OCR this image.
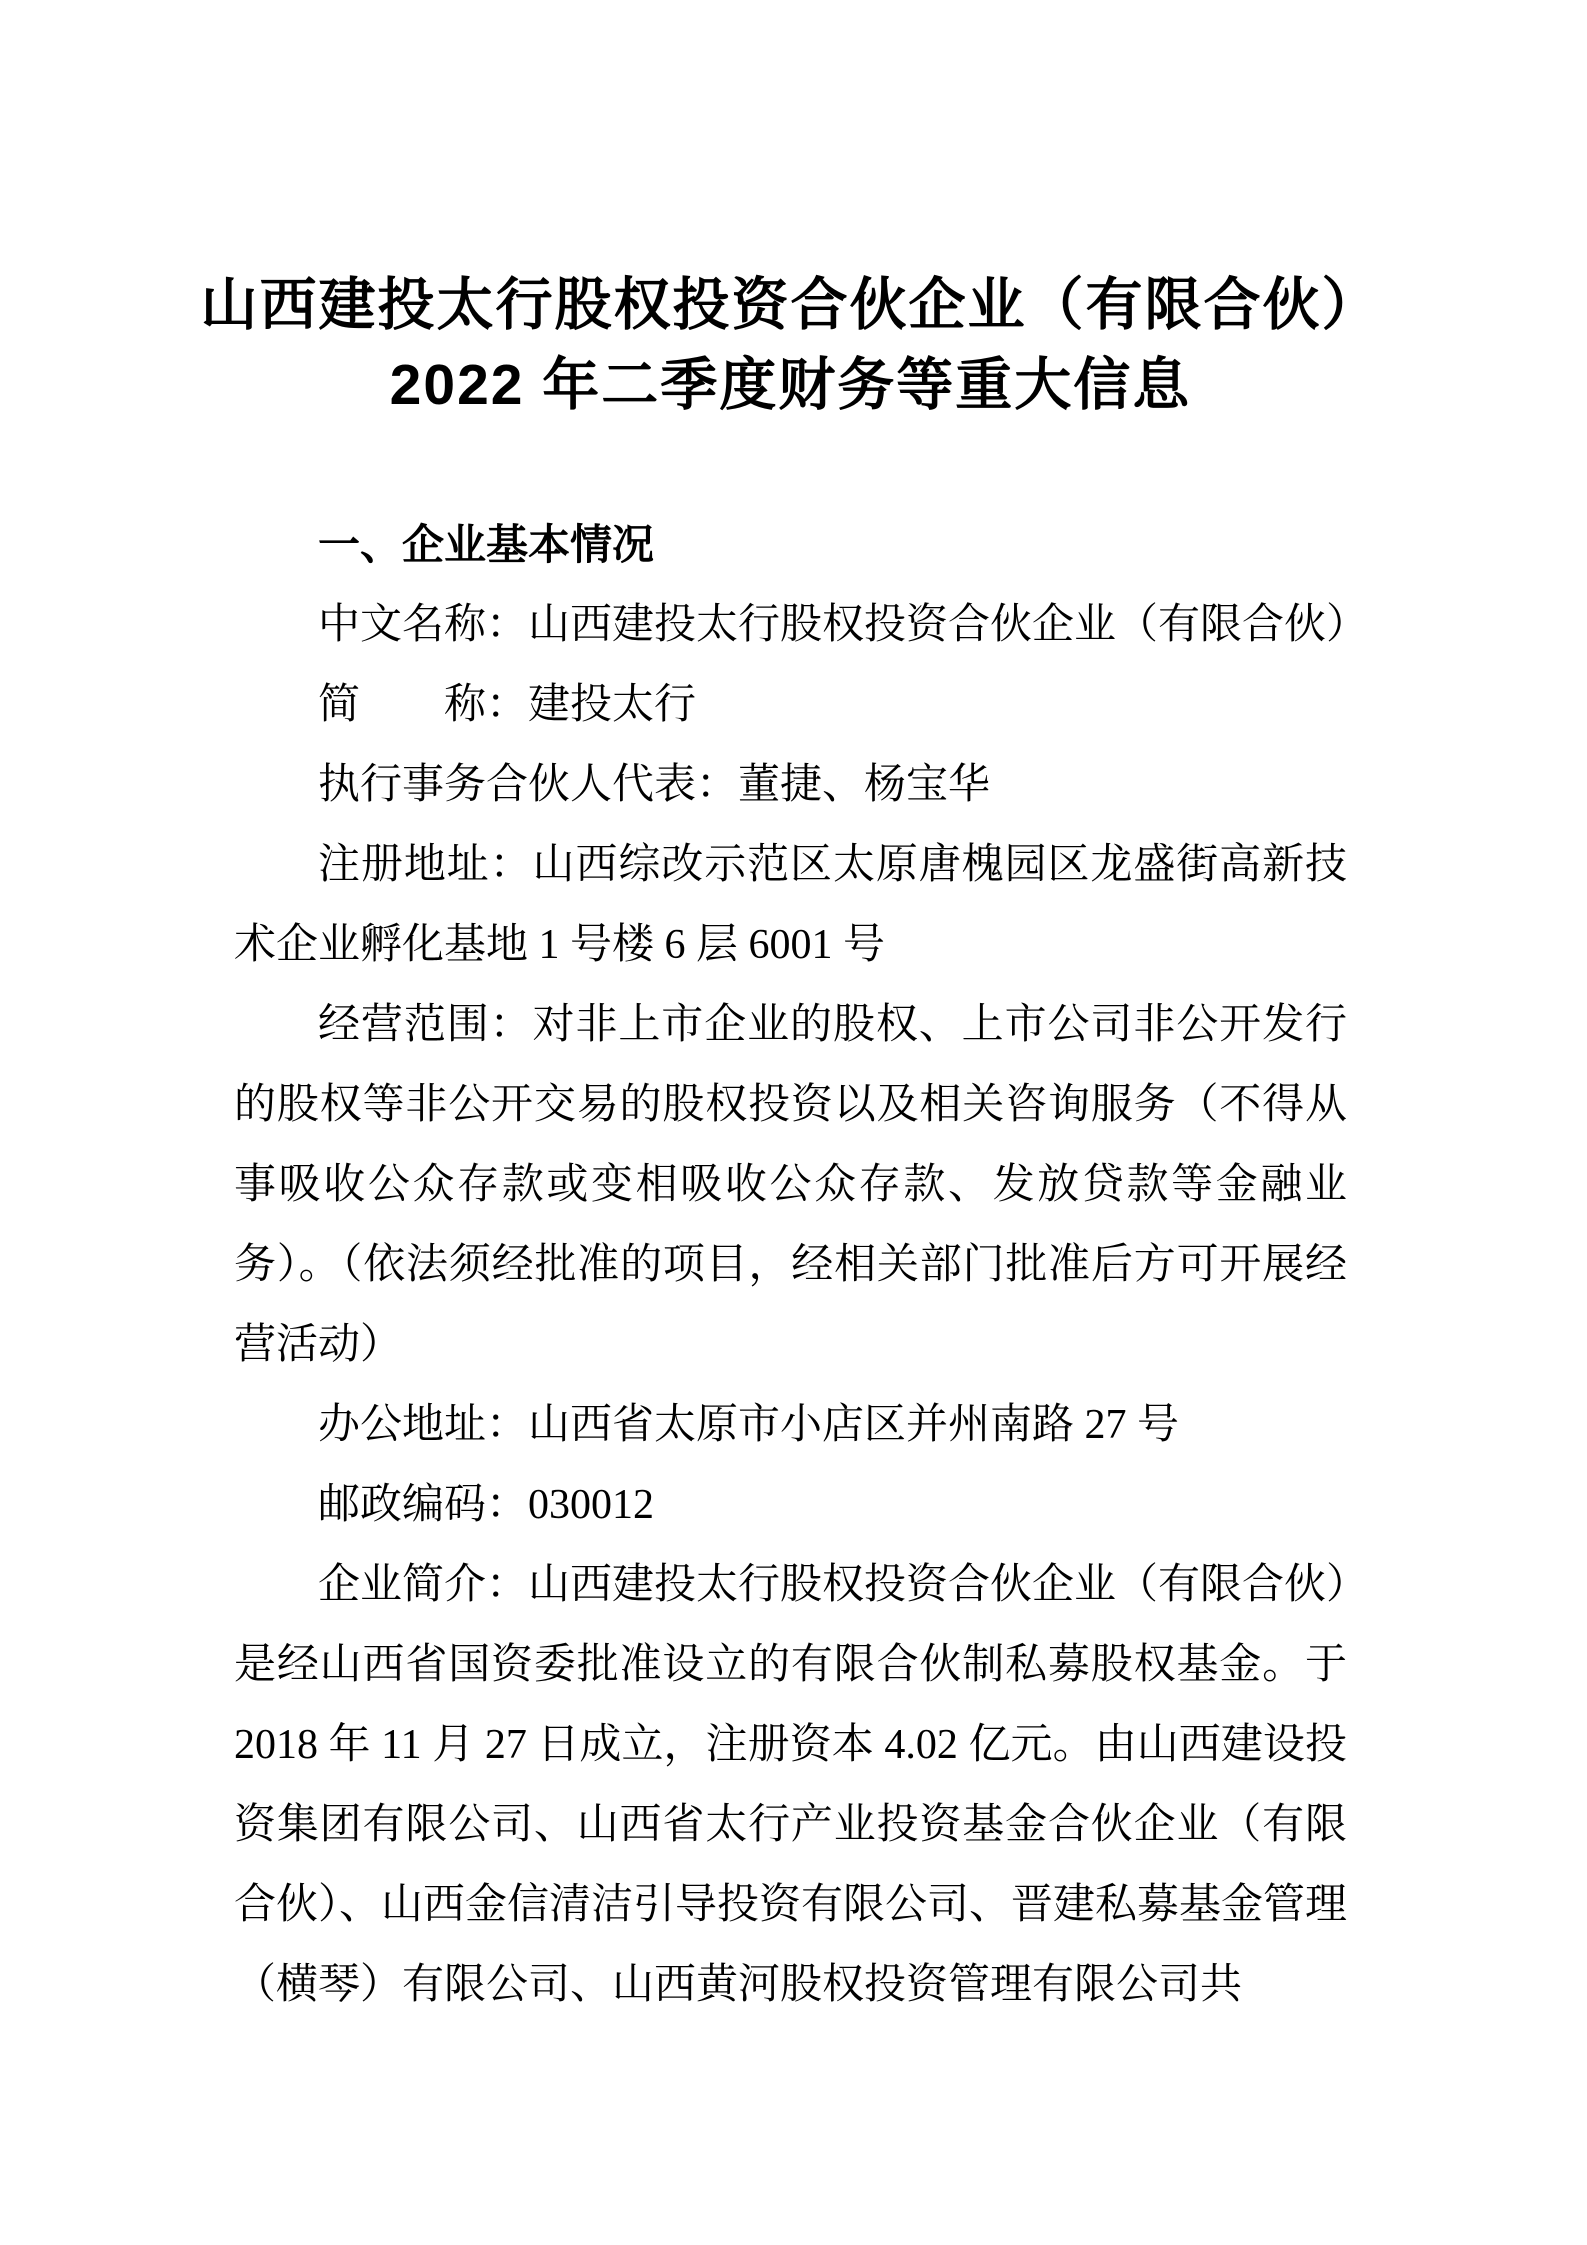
山西建投太行股权投资合伙企业（有限合伙）
2022 年二季度财务等重大信息
一、企业基本情况

中文名称：山西建投太行股权投资合伙企业（有限合伙）

简　　称：建投太行

执行事务合伙人代表：董捷、杨宝华

注册地址：山西综改示范区太原唐槐园区龙盛街高新技术企业孵化基地 1 号楼 6 层 6001 号

经营范围：对非上市企业的股权、上市公司非公开发行的股权等非公开交易的股权投资以及相关咨询服务（不得从事吸收公众存款或变相吸收公众存款、发放贷款等金融业务）。（依法须经批准的项目，经相关部门批准后方可开展经营活动）

办公地址：山西省太原市小店区并州南路 27 号

邮政编码：030012

企业简介：山西建投太行股权投资合伙企业（有限合伙）是经山西省国资委批准设立的有限合伙制私募股权基金。于 2018 年 11 月 27 日成立，注册资本 4.02 亿元。由山西建设投资集团有限公司、山西省太行产业投资基金合伙企业（有限合伙）、山西金信清洁引导投资有限公司、晋建私募基金管理（横琴）有限公司、山西黄河股权投资管理有限公司共
